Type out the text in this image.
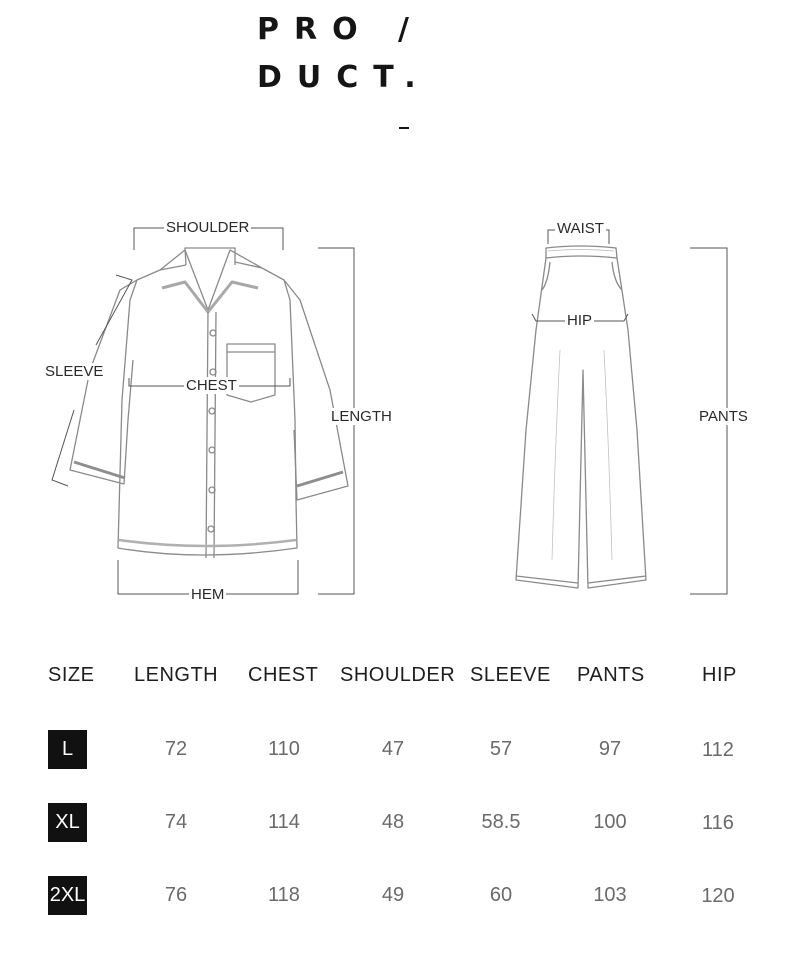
PRO /
DUCT.
SHOULDER
SLEEVE
CHEST
LENGTH
HEM
WAIST
HIP
PANTS
SIZE LENGTH CHEST SHOULDER SLEEVE PANTS	HIP
L	72	110	47	57	97	112
XL	74	114	48	58.5	100	116
2XL	76	118	49	60	103	120
